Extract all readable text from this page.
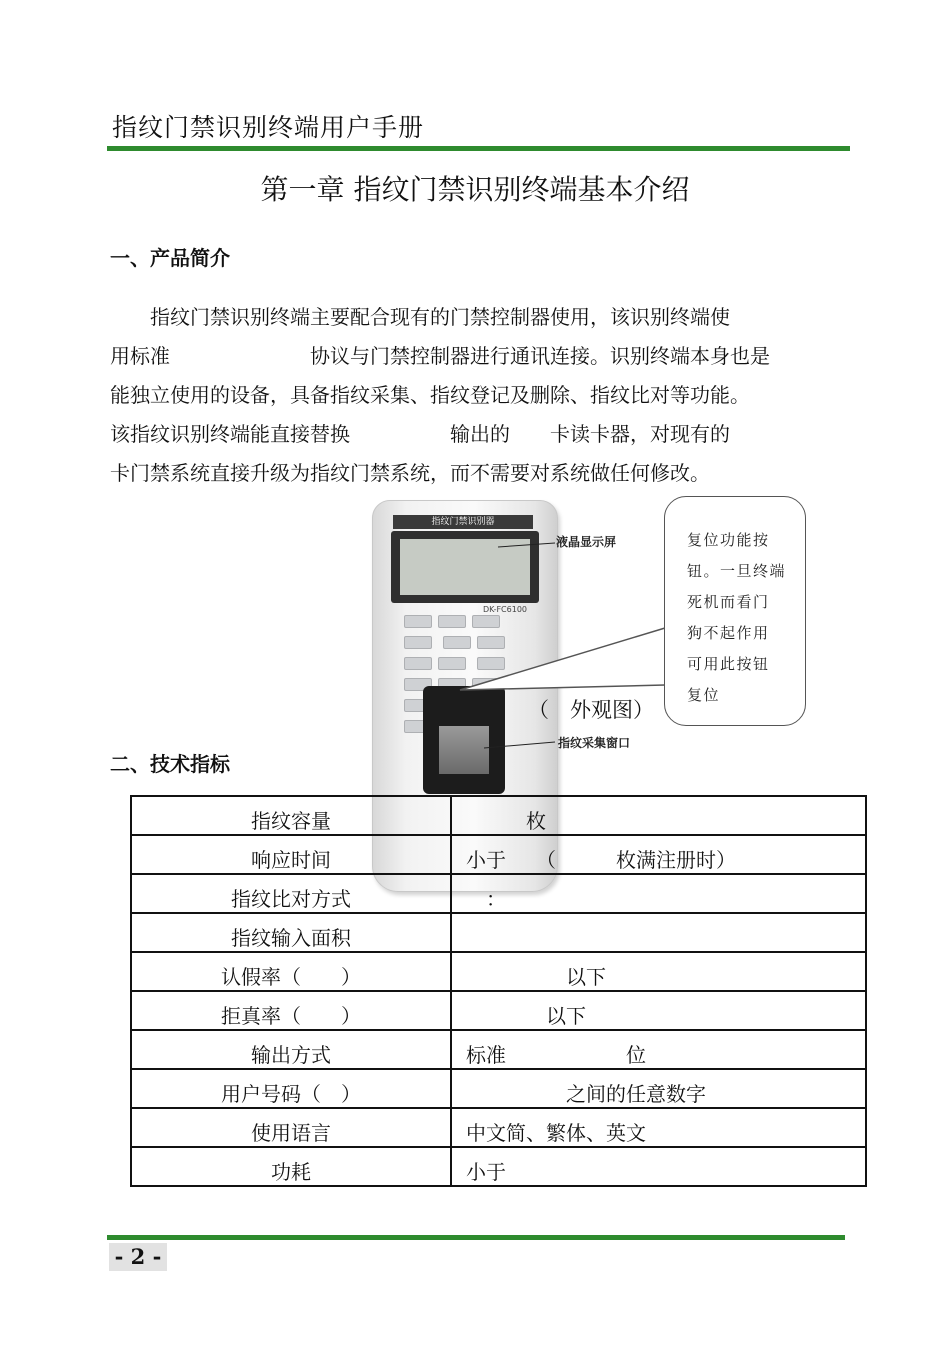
指纹门禁识别终端用户手册
第一章 指纹门禁识别终端基本介绍
一、产品简介
　　指纹门禁识别终端主要配合现有的门禁控制器使用，该识别终端使
用标准　　　　　　　协议与门禁控制器进行通讯连接。识别终端本身也是
能独立使用的设备，具备指纹采集、指纹登记及删除、指纹比对等功能。
该指纹识别终端能直接替换　　　　　输出的　　卡读卡器，对现有的
卡门禁系统直接升级为指纹门禁系统，而不需要对系统做任何修改。
指纹门禁识别器
DK-FC6100

液晶显示屏
指纹采集窗口
复位功能按
钮。一旦终端
死机而看门
狗不起作用
可用此按钮
复位
（　外观图）
二、技术指标
指纹容量	　　　枚
响应时间	小于　　（　　　枚满注册时）
指纹比对方式	　：
指纹输入面积	
认假率（　　）	　　　　　以下
拒真率（　　）	　　　　以下
输出方式	标准　　　　　　位
用户号码（　）	　　　　　之间的任意数字
使用语言	中文简、繁体、英文
功耗	小于
- 2 -
